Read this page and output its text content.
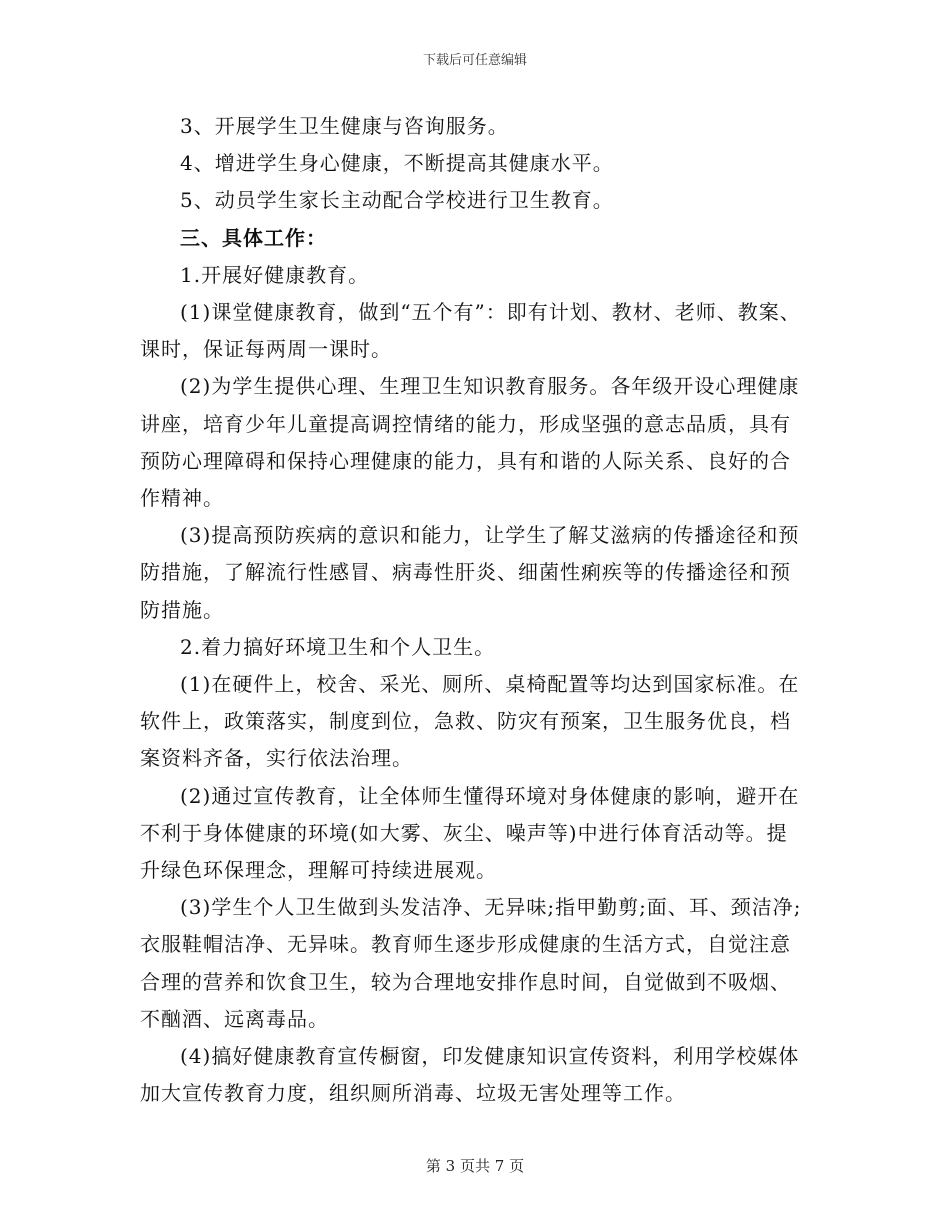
下载后可任意编辑

3、开展学生卫生健康与咨询服务。

4、增进学生身心健康，不断提高其健康水平。

5、动员学生家长主动配合学校进行卫生教育。

三、具体工作：

1.开展好健康教育。

(1)课堂健康教育，做到“五个有”：即有计划、教材、老师、教案、课时，保证每两周一课时。

(2)为学生提供心理、生理卫生知识教育服务。各年级开设心理健康讲座，培育少年儿童提高调控情绪的能力，形成坚强的意志品质，具有预防心理障碍和保持心理健康的能力，具有和谐的人际关系、良好的合作精神。

(3)提高预防疾病的意识和能力，让学生了解艾滋病的传播途径和预防措施，了解流行性感冒、病毒性肝炎、细菌性痢疾等的传播途径和预防措施。

2.着力搞好环境卫生和个人卫生。

(1)在硬件上，校舍、采光、厕所、桌椅配置等均达到国家标准。在软件上，政策落实，制度到位，急救、防灾有预案，卫生服务优良，档案资料齐备，实行依法治理。

(2)通过宣传教育，让全体师生懂得环境对身体健康的影响，避开在不利于身体健康的环境(如大雾、灰尘、噪声等)中进行体育活动等。提升绿色环保理念，理解可持续进展观。

(3)学生个人卫生做到头发洁净、无异味;指甲勤剪;面、耳、颈洁净;衣服鞋帽洁净、无异味。教育师生逐步形成健康的生活方式，自觉注意合理的营养和饮食卫生，较为合理地安排作息时间，自觉做到不吸烟、不酗酒、远离毒品。

(4)搞好健康教育宣传橱窗，印发健康知识宣传资料，利用学校媒体加大宣传教育力度，组织厕所消毒、垃圾无害处理等工作。

第 3 页共 7 页
